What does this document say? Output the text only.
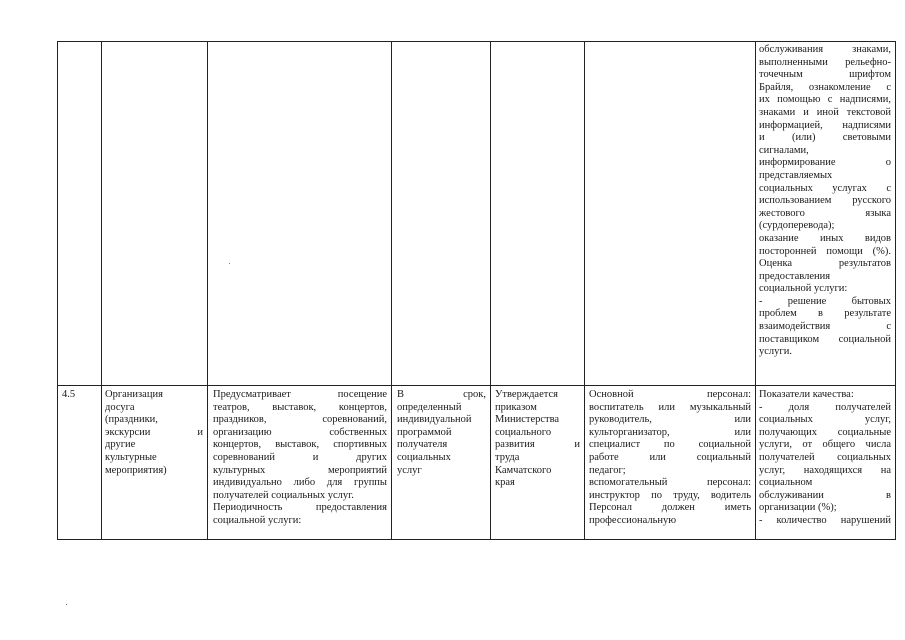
обслуживания знаками,
выполненными рельефно-
точечным шрифтом
Брайля, ознакомление с
их помощью с надписями,
знаками и иной текстовой
информацией, надписями
и (или) световыми
сигналами,
информирование о
представляемых
социальных услугах с
использованием русского
жестового языка
(сурдоперевода);
оказание иных видов
посторонней помощи (%).
Оценка результатов
предоставления
социальной услуги:
- решение бытовых
проблем в результате
взаимодействия с
поставщиком социальной
услуги.
4.5	Организация
досуга
(праздники,
экскурсии и
другие
культурные
мероприятия)
Предусматривает посещение
театров, выставок, концертов,
праздников, соревнований,
организацию собственных
концертов, выставок, спортивных
соревнований и других
культурных мероприятий
индивидуально либо для группы
получателей социальных услуг.
Периодичность предоставления
социальной услуги:
В срок,
определенный
индивидуальной
программой
получателя
социальных
услуг
Утверждается
приказом
Министерства
социального
развития и
труда
Камчатского
края
Основной персонал:
воспитатель или музыкальный
руководитель, или
культорганизатор, или
специалист по социальной
работе или социальный
педагог;
вспомогательный персонал:
инструктор по труду, водитель
Персонал должен иметь
профессиональную
Показатели качества:
- доля получателей
социальных услуг,
получающих социальные
услуги, от общего числа
получателей социальных
услуг, находящихся на
социальном
обслуживании в
организации (%);
- количество нарушений
